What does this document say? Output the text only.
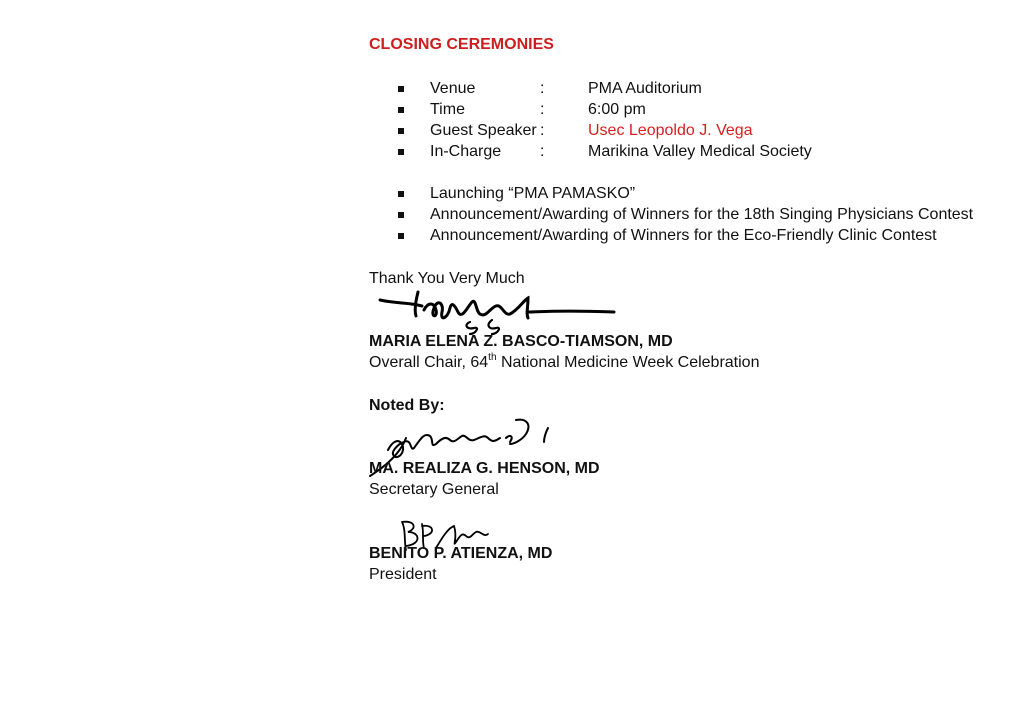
CLOSING CEREMONIES
Venue	:	PMA Auditorium
Time	:	6:00 pm
Guest Speaker :	Usec Leopoldo J. Vega
In-Charge :	Marikina Valley Medical Society
Launching “PMA PAMASKO”
Announcement/Awarding of Winners for the 18th Singing Physicians Contest
Announcement/Awarding of Winners for the Eco-Friendly Clinic Contest
Thank You Very Much
MARIA ELENA Z. BASCO-TIAMSON, MD
Overall Chair, 64th National Medicine Week Celebration
Noted By:
MA. REALIZA G. HENSON, MD
Secretary General
BENITO P. ATIENZA, MD
President
